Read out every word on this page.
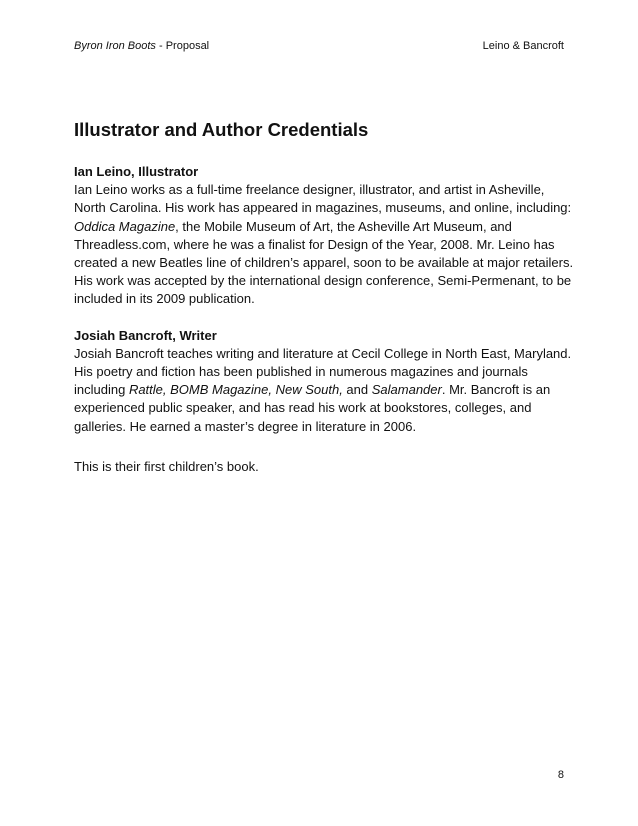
Byron Iron Boots - Proposal	Leino & Bancroft
Illustrator and Author Credentials
Ian Leino, Illustrator

Ian Leino works as a full-time freelance designer, illustrator, and artist in Asheville, North Carolina. His work has appeared in magazines, museums, and online, including: Oddica Magazine, the Mobile Museum of Art, the Asheville Art Museum, and Threadless.com, where he was a finalist for Design of the Year, 2008. Mr. Leino has created a new Beatles line of children’s apparel, soon to be available at major retailers. His work was accepted by the international design conference, Semi-Permenant, to be included in its 2009 publication.

Josiah Bancroft, Writer

Josiah Bancroft teaches writing and literature at Cecil College in North East, Maryland. His poetry and fiction has been published in numerous magazines and journals including Rattle, BOMB Magazine, New South, and Salamander. Mr. Bancroft is an experienced public speaker, and has read his work at bookstores, colleges, and galleries. He earned a master’s degree in literature in 2006.

This is their first children’s book.

8
